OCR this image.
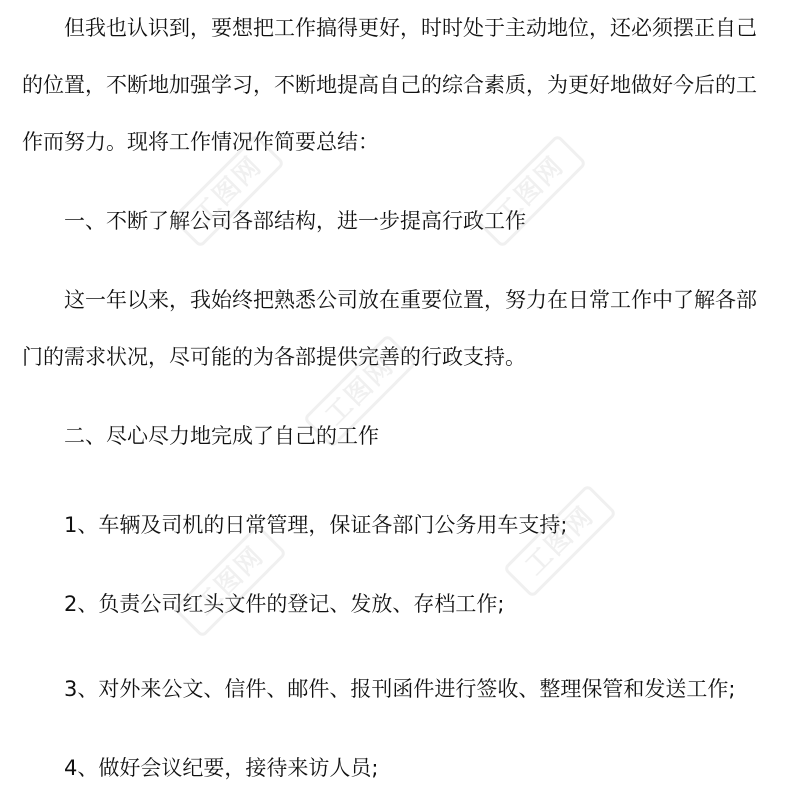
但我也认识到，要想把工作搞得更好，时时处于主动地位，还必须摆正自己
的位置，不断地加强学习，不断地提高自己的综合素质，为更好地做好今后的工
作而努力。现将工作情况作简要总结：
一、不断了解公司各部结构，进一步提高行政工作
这一年以来，我始终把熟悉公司放在重要位置，努力在日常工作中了解各部
门的需求状况，尽可能的为各部提供完善的行政支持。
二、尽心尽力地完成了自己的工作
1、车辆及司机的日常管理，保证各部门公务用车支持;
2、负责公司红头文件的登记、发放、存档工作;
3、对外来公文、信件、邮件、报刊函件进行签收、整理保管和发送工作;
4、做好会议纪要，接待来访人员;
工图网	工图网
工图网
工图网
工图网
